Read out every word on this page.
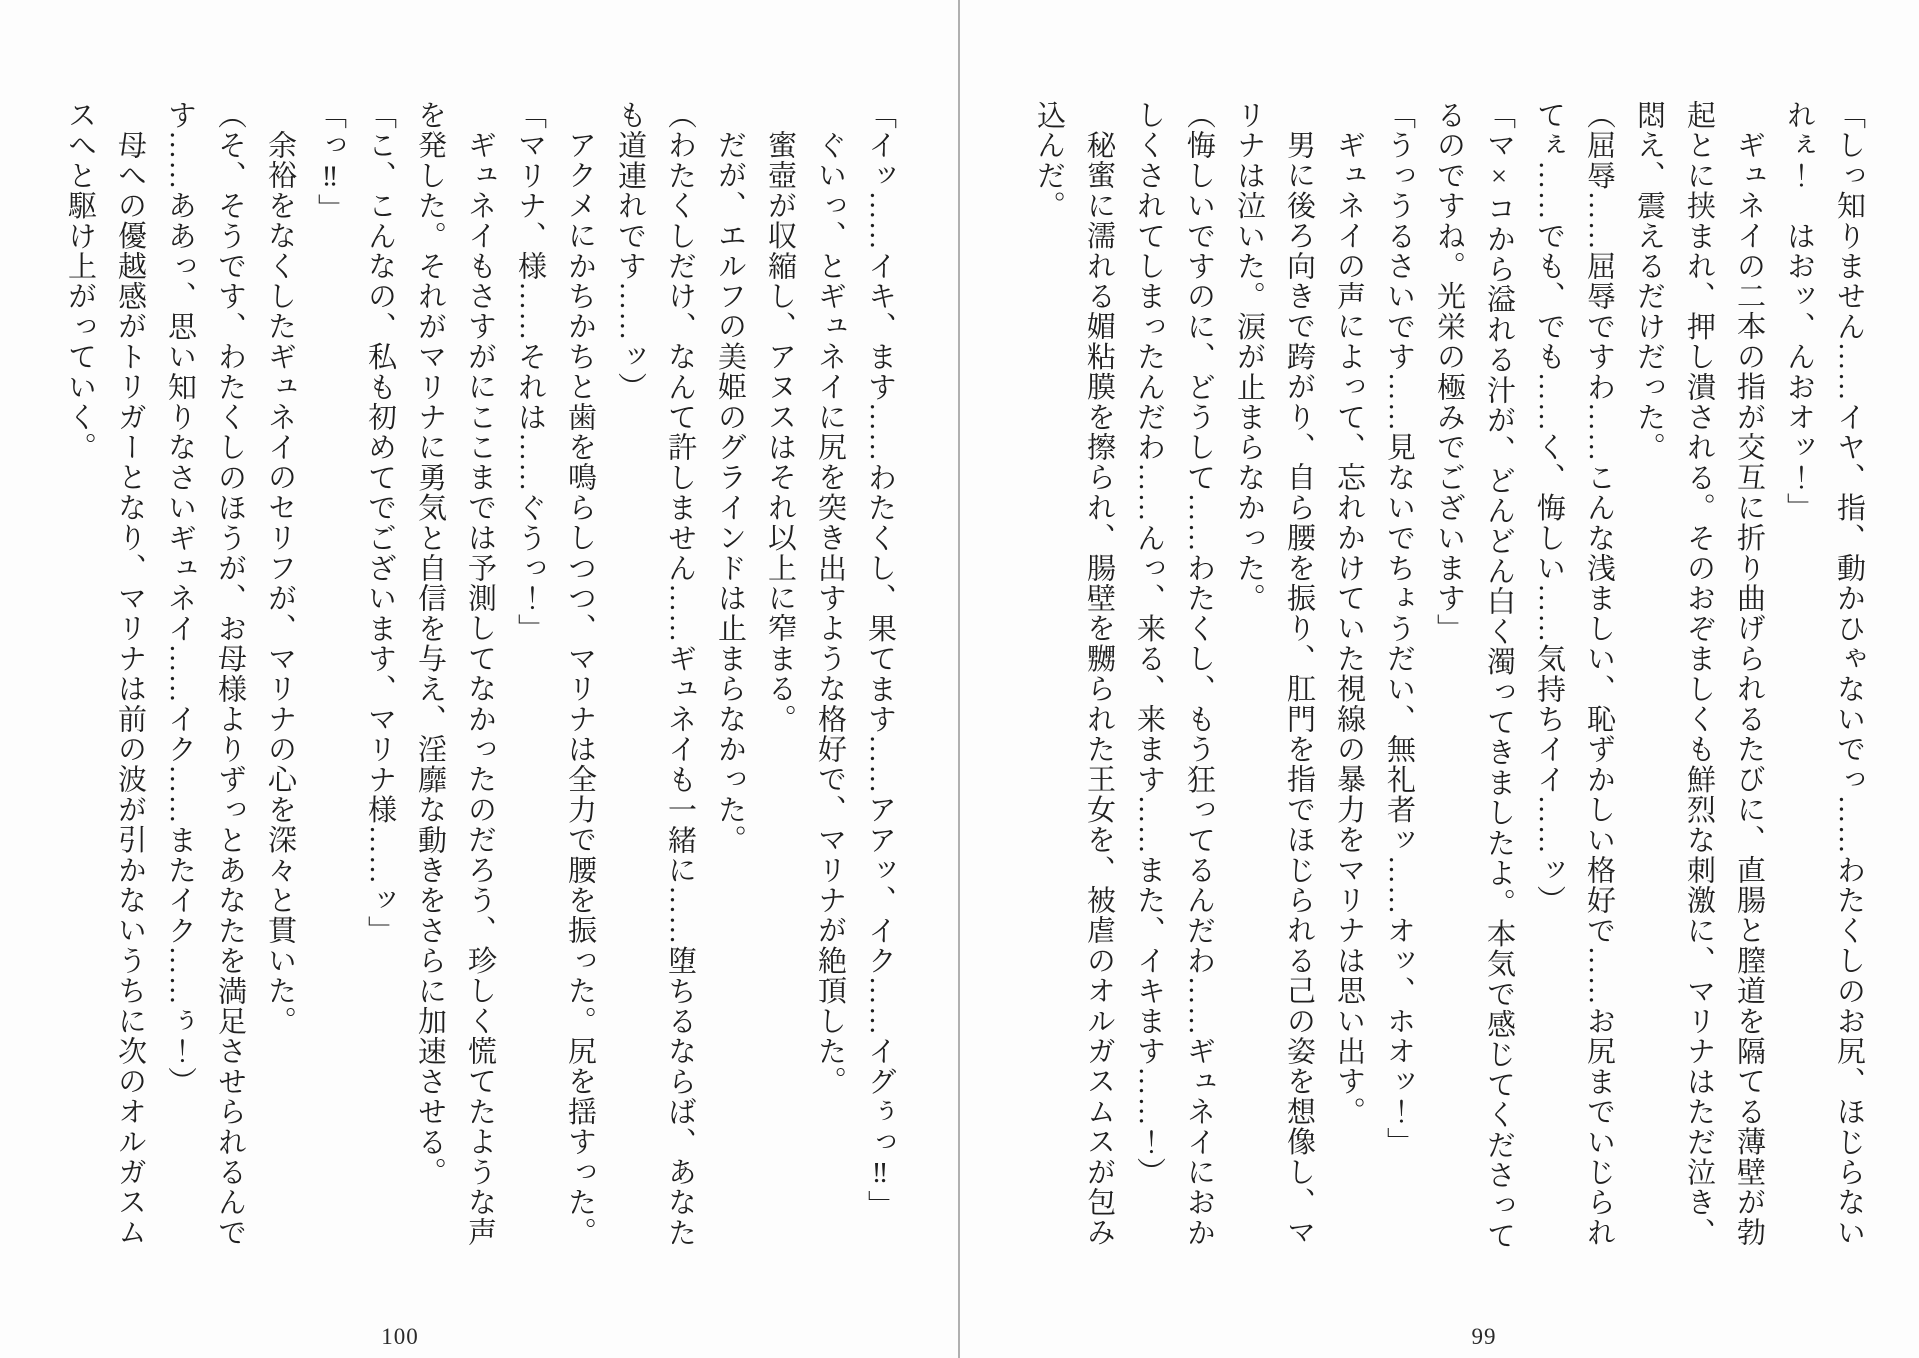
「イッ……イキ、ます……わたくし、果てます……アアッ、イク……イグぅっ‼」

ぐいっ、とギュネイに尻を突き出すような格好で、マリナが絶頂した。

蜜壺が収縮し、アヌスはそれ以上に窄まる。

だが、エルフの美姫のグラインドは止まらなかった。

（わたくしだけ、なんて許しません……ギュネイも一緒に……堕ちるならば、あなた

も道連れです……ッ）

アクメにかちかちと歯を鳴らしつつ、マリナは全力で腰を振った。尻を揺すった。

「マリナ、様……それは……ぐうっ！」

ギュネイもさすがにここまでは予測してなかったのだろう、珍しく慌てたような声

を発した。それがマリナに勇気と自信を与え、淫靡な動きをさらに加速させる。

「こ、こんなの、私も初めてでございます、マリナ様……ッ」

「っ‼」

余裕をなくしたギュネイのセリフが、マリナの心を深々と貫いた。

（そ、そうです、わたくしのほうが、お母様よりずっとあなたを満足させられるんで

す……ああっ、思い知りなさいギュネイ……イク……またイク……ぅ！）

母への優越感がトリガーとなり、マリナは前の波が引かないうちに次のオルガスム

スへと駆け上がっていく。

100

「しっ知りません……イヤ、指、動かひゃないでっ……わたくしのお尻、ほじらない

れぇ！　はおッ、んおオッ！」

ギュネイの二本の指が交互に折り曲げられるたびに、直腸と膣道を隔てる薄壁が勃

起とに挟まれ、押し潰される。そのおぞましくも鮮烈な刺激に、マリナはただ泣き、

悶え、震えるだけだった。

（屈辱……屈辱ですわ……こんな浅ましい、恥ずかしい格好で……お尻までいじられ

てぇ……でも、でも……く、悔しい……気持ちイイ……ッ）

「マ×コから溢れる汁が、どんどん白く濁ってきましたよ。本気で感じてくださって

るのですね。光栄の極みでございます」

「うっうるさいです……見ないでちょうだい、無礼者ッ……オッ、ホオッ！」

ギュネイの声によって、忘れかけていた視線の暴力をマリナは思い出す。

男に後ろ向きで跨がり、自ら腰を振り、肛門を指でほじられる己の姿を想像し、マ

リナは泣いた。涙が止まらなかった。

（悔しいですのに、どうして……わたくし、もう狂ってるんだわ……ギュネイにおか

しくされてしまったんだわ……んっ、来る、来ます……また、イキます……！）

秘蜜に濡れる媚粘膜を擦られ、腸壁を嬲られた王女を、被虐のオルガスムスが包み

込んだ。

99
